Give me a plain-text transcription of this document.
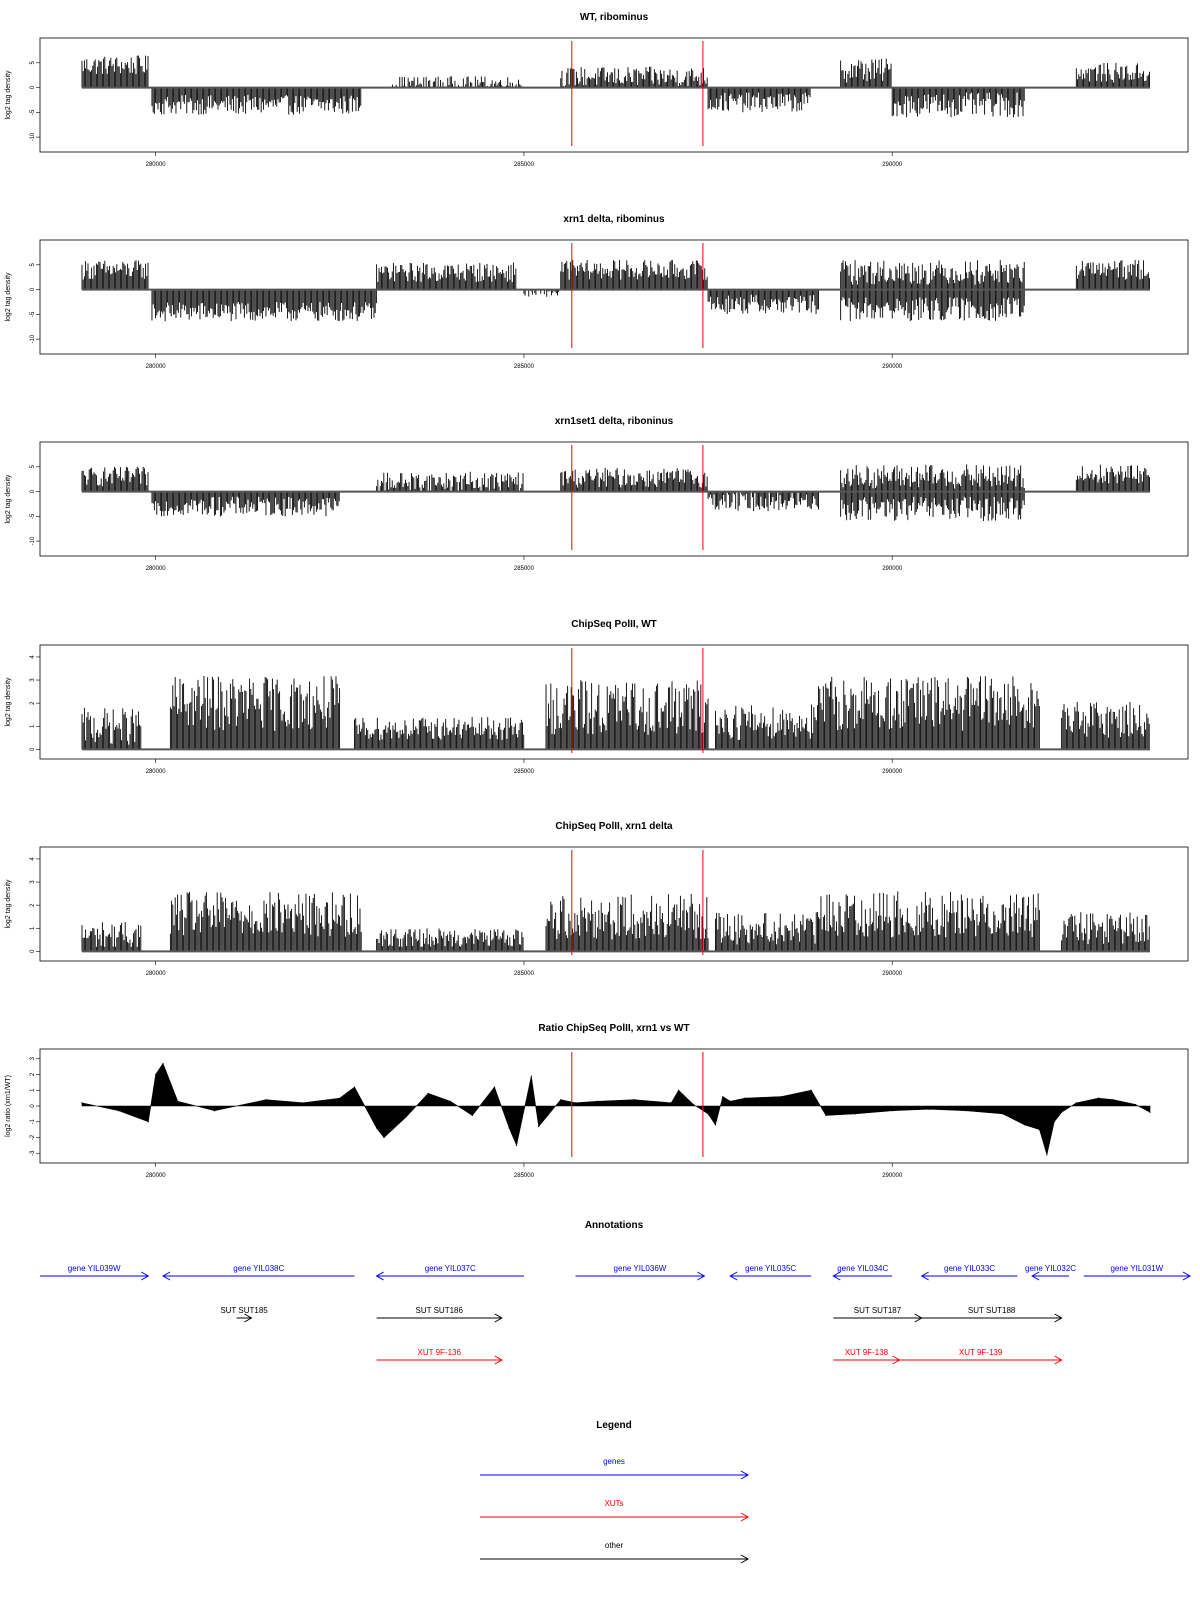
WT, ribominus
log2 tag density
-10
-5
0
5
280000	285000	290000
xrn1 delta, ribominus
log2 tag density
-10
-5
0
5
280000	285000	290000
xrn1set1 delta, riboninus
log2 tag density
-10
-5
0
5
280000	285000	290000
ChipSeq PolII, WT
log2 tag density
0
1
2
3
4
280000	285000	290000
ChipSeq PolII, xrn1 delta
log2 tag density
0
1
2
3
4
280000	285000	290000
Ratio ChipSeq PolII, xrn1 vs WT
log2 ratio (xrn1/WT)
-3
-2
-1
0
1
2
3
280000	285000	290000
Annotations
gene YIL039W	gene YIL038C	gene YIL037C	gene YIL036W	gene YIL035C	gene YIL034C	gene YIL033C	gene YIL032C	gene YIL031W
SUT SUT185	SUT SUT186	SUT SUT187	SUT SUT188
XUT 9F-136	XUT 9F-138	XUT 9F-139
Legend
genes
XUTs
other
